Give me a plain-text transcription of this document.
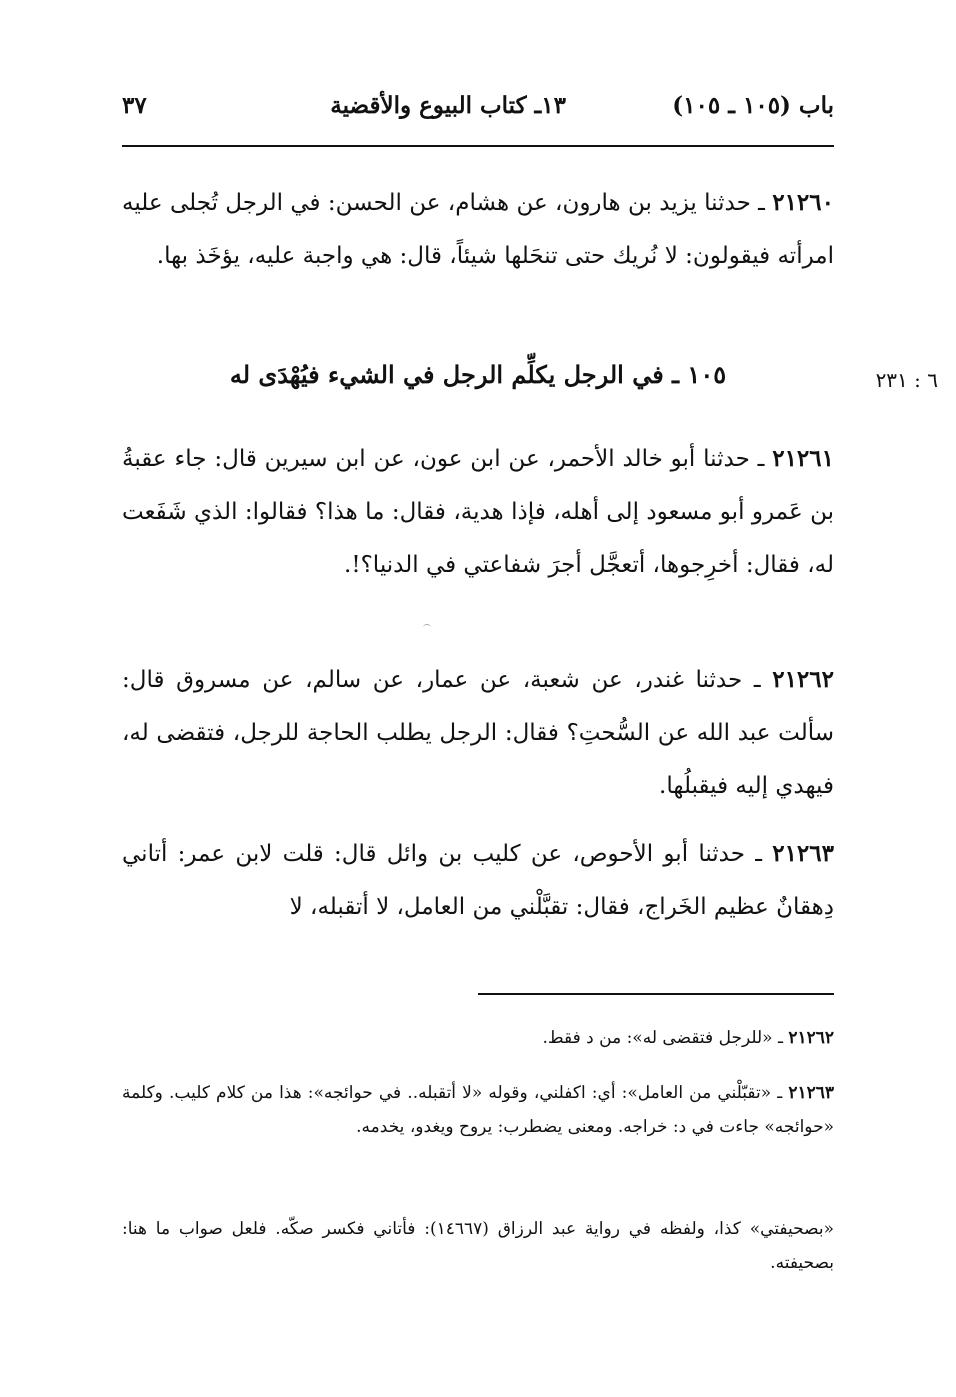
باب (١٠٥ ـ ١٠٥)
١٣ـ كتاب البيوع والأقضية
٣٧
٢١٢٦٠ ـ حدثنا يزيد بن هارون، عن هشام، عن الحسن: في الرجل تُجلى عليه امرأته فيقولون: لا نُريك حتى تنحَلها شيئاً، قال: هي واجبة عليه، يؤخَذ بها.
١٠٥ ـ في الرجل يكلِّم الرجل في الشيء فيُهْدَى له	٦ : ٢٣١
٢١٢٦١ ـ حدثنا أبو خالد الأحمر، عن ابن عون، عن ابن سيرين قال: جاء عقبةُ بن عَمرو أبو مسعود إلى أهله، فإذا هدية، فقال: ما هذا؟ فقالوا: الذي شَفَعت له، فقال: أخرِجوها، أتعجَّل أجرَ شفاعتي في الدنيا؟!.
٢١٢٦٢ ـ حدثنا غندر، عن شعبة، عن عمار، عن سالم، عن مسروق قال: سألت عبد الله عن السُّحتِ؟ فقال: الرجل يطلب الحاجة للرجل، فتقضى له، فيهدي إليه فيقبلُها.
٢١٢٦٣ ـ حدثنا أبو الأحوص، عن كليب بن وائل قال: قلت لابن عمر: أتاني دِهقانٌ عظيم الخَراج، فقال: تقبَّلْني من العامل، لا أتقبله، لا
٢١٢٦٢ ـ «للرجل فتقضى له»: من د فقط.
٢١٢٦٣ ـ «تقبّلْني من العامل»: أي: اكفلني، وقوله «لا أتقبله.. في حوائجه»: هذا من كلام كليب. وكلمة «حوائجه» جاءت في د: خراجه. ومعنى يضطرب: يروح ويغدو، يخدمه.
«بصحيفتي» كذا، ولفظه في رواية عبد الرزاق (١٤٦٦٧): فأتاني فكسر صكّه. فلعل صواب ما هنا: بصحيفته.
